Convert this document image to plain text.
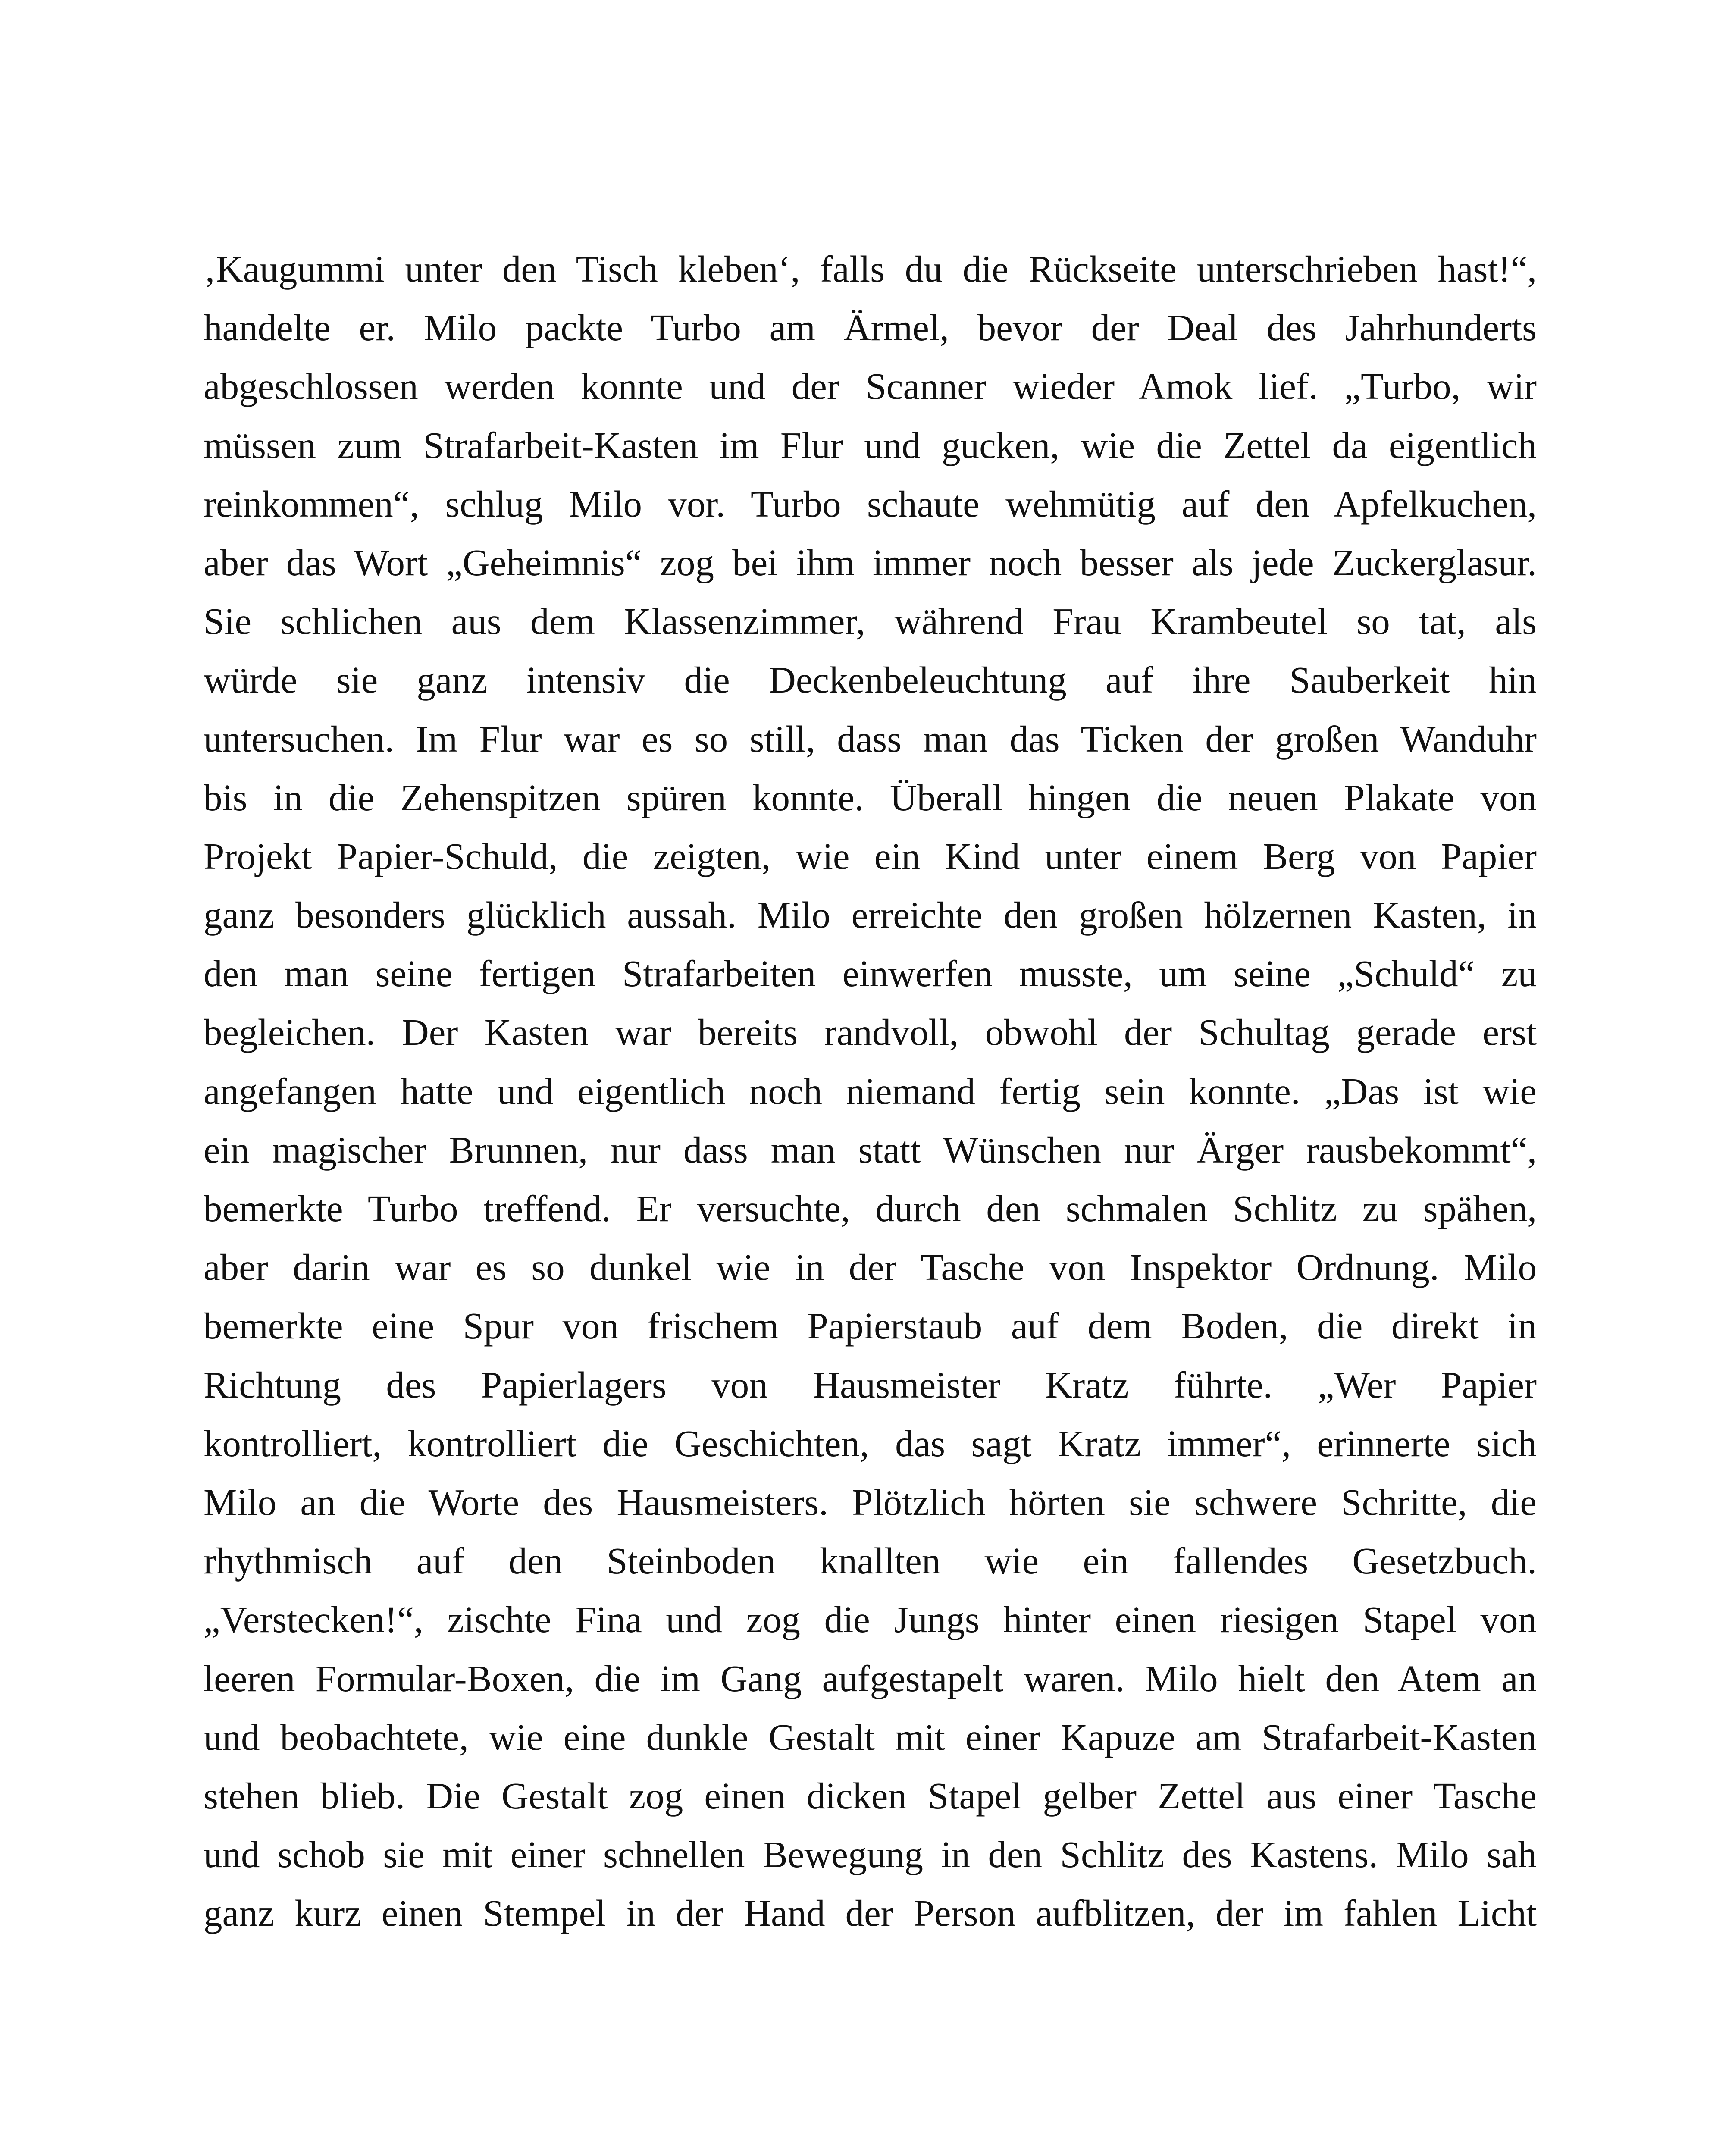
‚Kaugummi unter den Tisch kleben‘, falls du die Rückseite unterschrieben hast!“,
handelte er. Milo packte Turbo am Ärmel, bevor der Deal des Jahrhunderts
abgeschlossen werden konnte und der Scanner wieder Amok lief. „Turbo, wir
müssen zum Strafarbeit-Kasten im Flur und gucken, wie die Zettel da eigentlich
reinkommen“, schlug Milo vor. Turbo schaute wehmütig auf den Apfelkuchen,
aber das Wort „Geheimnis“ zog bei ihm immer noch besser als jede Zuckerglasur.
Sie schlichen aus dem Klassenzimmer, während Frau Krambeutel so tat, als
würde sie ganz intensiv die Deckenbeleuchtung auf ihre Sauberkeit hin
untersuchen. Im Flur war es so still, dass man das Ticken der großen Wanduhr
bis in die Zehenspitzen spüren konnte. Überall hingen die neuen Plakate von
Projekt Papier-Schuld, die zeigten, wie ein Kind unter einem Berg von Papier
ganz besonders glücklich aussah. Milo erreichte den großen hölzernen Kasten, in
den man seine fertigen Strafarbeiten einwerfen musste, um seine „Schuld“ zu
begleichen. Der Kasten war bereits randvoll, obwohl der Schultag gerade erst
angefangen hatte und eigentlich noch niemand fertig sein konnte. „Das ist wie
ein magischer Brunnen, nur dass man statt Wünschen nur Ärger rausbekommt“,
bemerkte Turbo treffend. Er versuchte, durch den schmalen Schlitz zu spähen,
aber darin war es so dunkel wie in der Tasche von Inspektor Ordnung. Milo
bemerkte eine Spur von frischem Papierstaub auf dem Boden, die direkt in
Richtung des Papierlagers von Hausmeister Kratz führte. „Wer Papier
kontrolliert, kontrolliert die Geschichten, das sagt Kratz immer“, erinnerte sich
Milo an die Worte des Hausmeisters. Plötzlich hörten sie schwere Schritte, die
rhythmisch auf den Steinboden knallten wie ein fallendes Gesetzbuch.
„Verstecken!“, zischte Fina und zog die Jungs hinter einen riesigen Stapel von
leeren Formular-Boxen, die im Gang aufgestapelt waren. Milo hielt den Atem an
und beobachtete, wie eine dunkle Gestalt mit einer Kapuze am Strafarbeit-Kasten
stehen blieb. Die Gestalt zog einen dicken Stapel gelber Zettel aus einer Tasche
und schob sie mit einer schnellen Bewegung in den Schlitz des Kastens. Milo sah
ganz kurz einen Stempel in der Hand der Person aufblitzen, der im fahlen Licht
